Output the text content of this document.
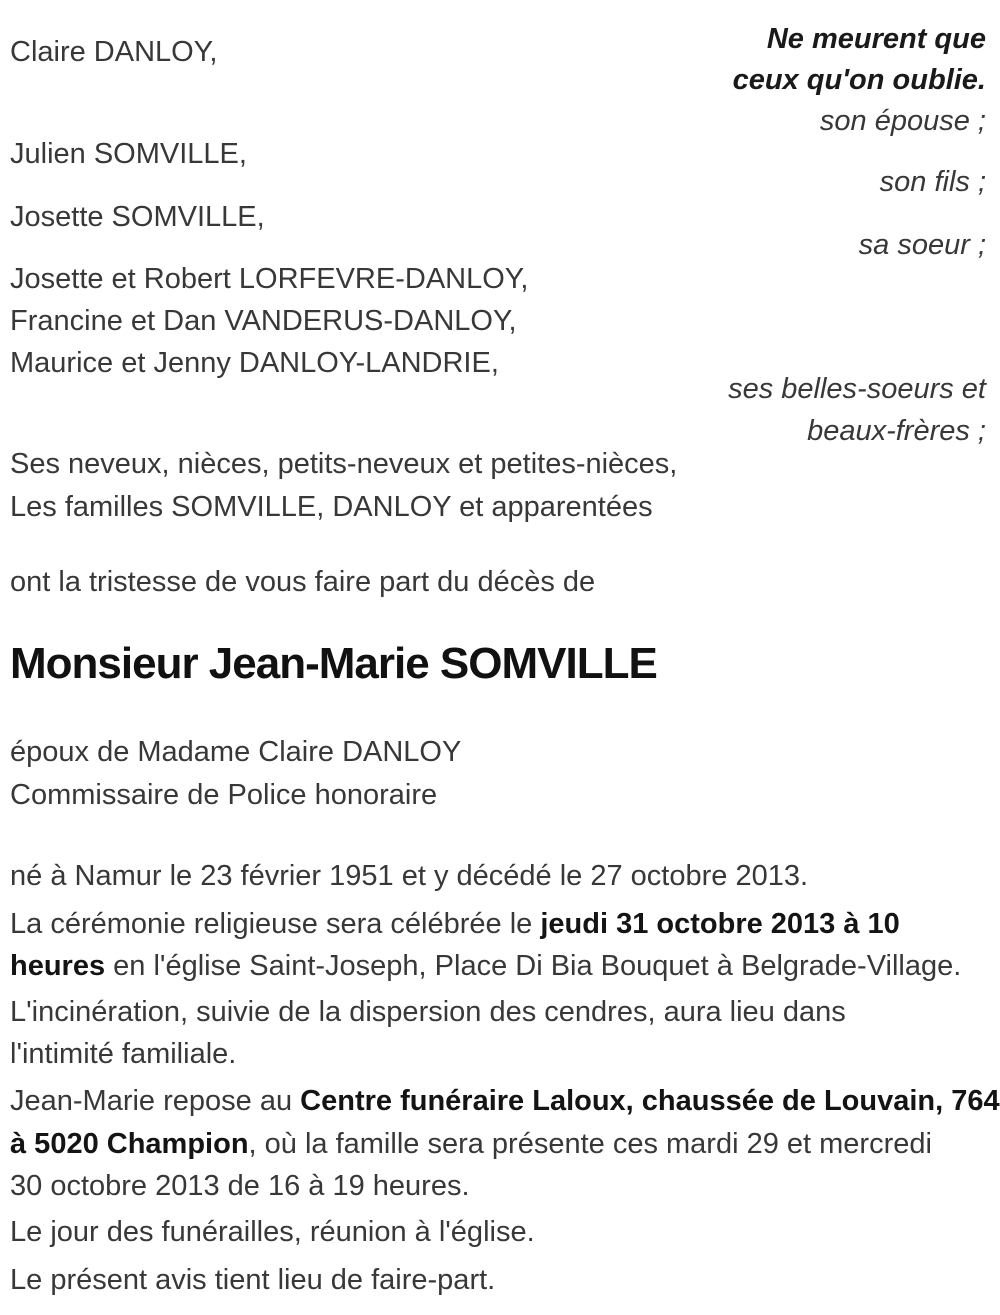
Ne meurent que
ceux qu'on oublie.
Claire DANLOY,
son épouse ;
Julien SOMVILLE,
son fils ;
Josette SOMVILLE,
sa soeur ;
Josette et Robert LORFEVRE-DANLOY,
Francine et Dan VANDERUS-DANLOY,
Maurice et Jenny DANLOY-LANDRIE,
ses belles-soeurs et
beaux-frères ;
Ses neveux, nièces, petits-neveux et petites-nièces,
Les familles SOMVILLE, DANLOY et apparentées
ont la tristesse de vous faire part du décès de
Monsieur Jean-Marie SOMVILLE
époux de Madame Claire DANLOY
Commissaire de Police honoraire
né à Namur le 23 février 1951 et y décédé le 27 octobre 2013.
La cérémonie religieuse sera célébrée le jeudi 31 octobre 2013 à 10
heures en l'église Saint-Joseph, Place Di Bia Bouquet à Belgrade-Village.
L'incinération, suivie de la dispersion des cendres, aura lieu dans
l'intimité familiale.
Jean-Marie repose au Centre funéraire Laloux, chaussée de Louvain, 764
à 5020 Champion, où la famille sera présente ces mardi 29 et mercredi
30 octobre 2013 de 16 à 19 heures.
Le jour des funérailles, réunion à l'église.
Le présent avis tient lieu de faire-part.
